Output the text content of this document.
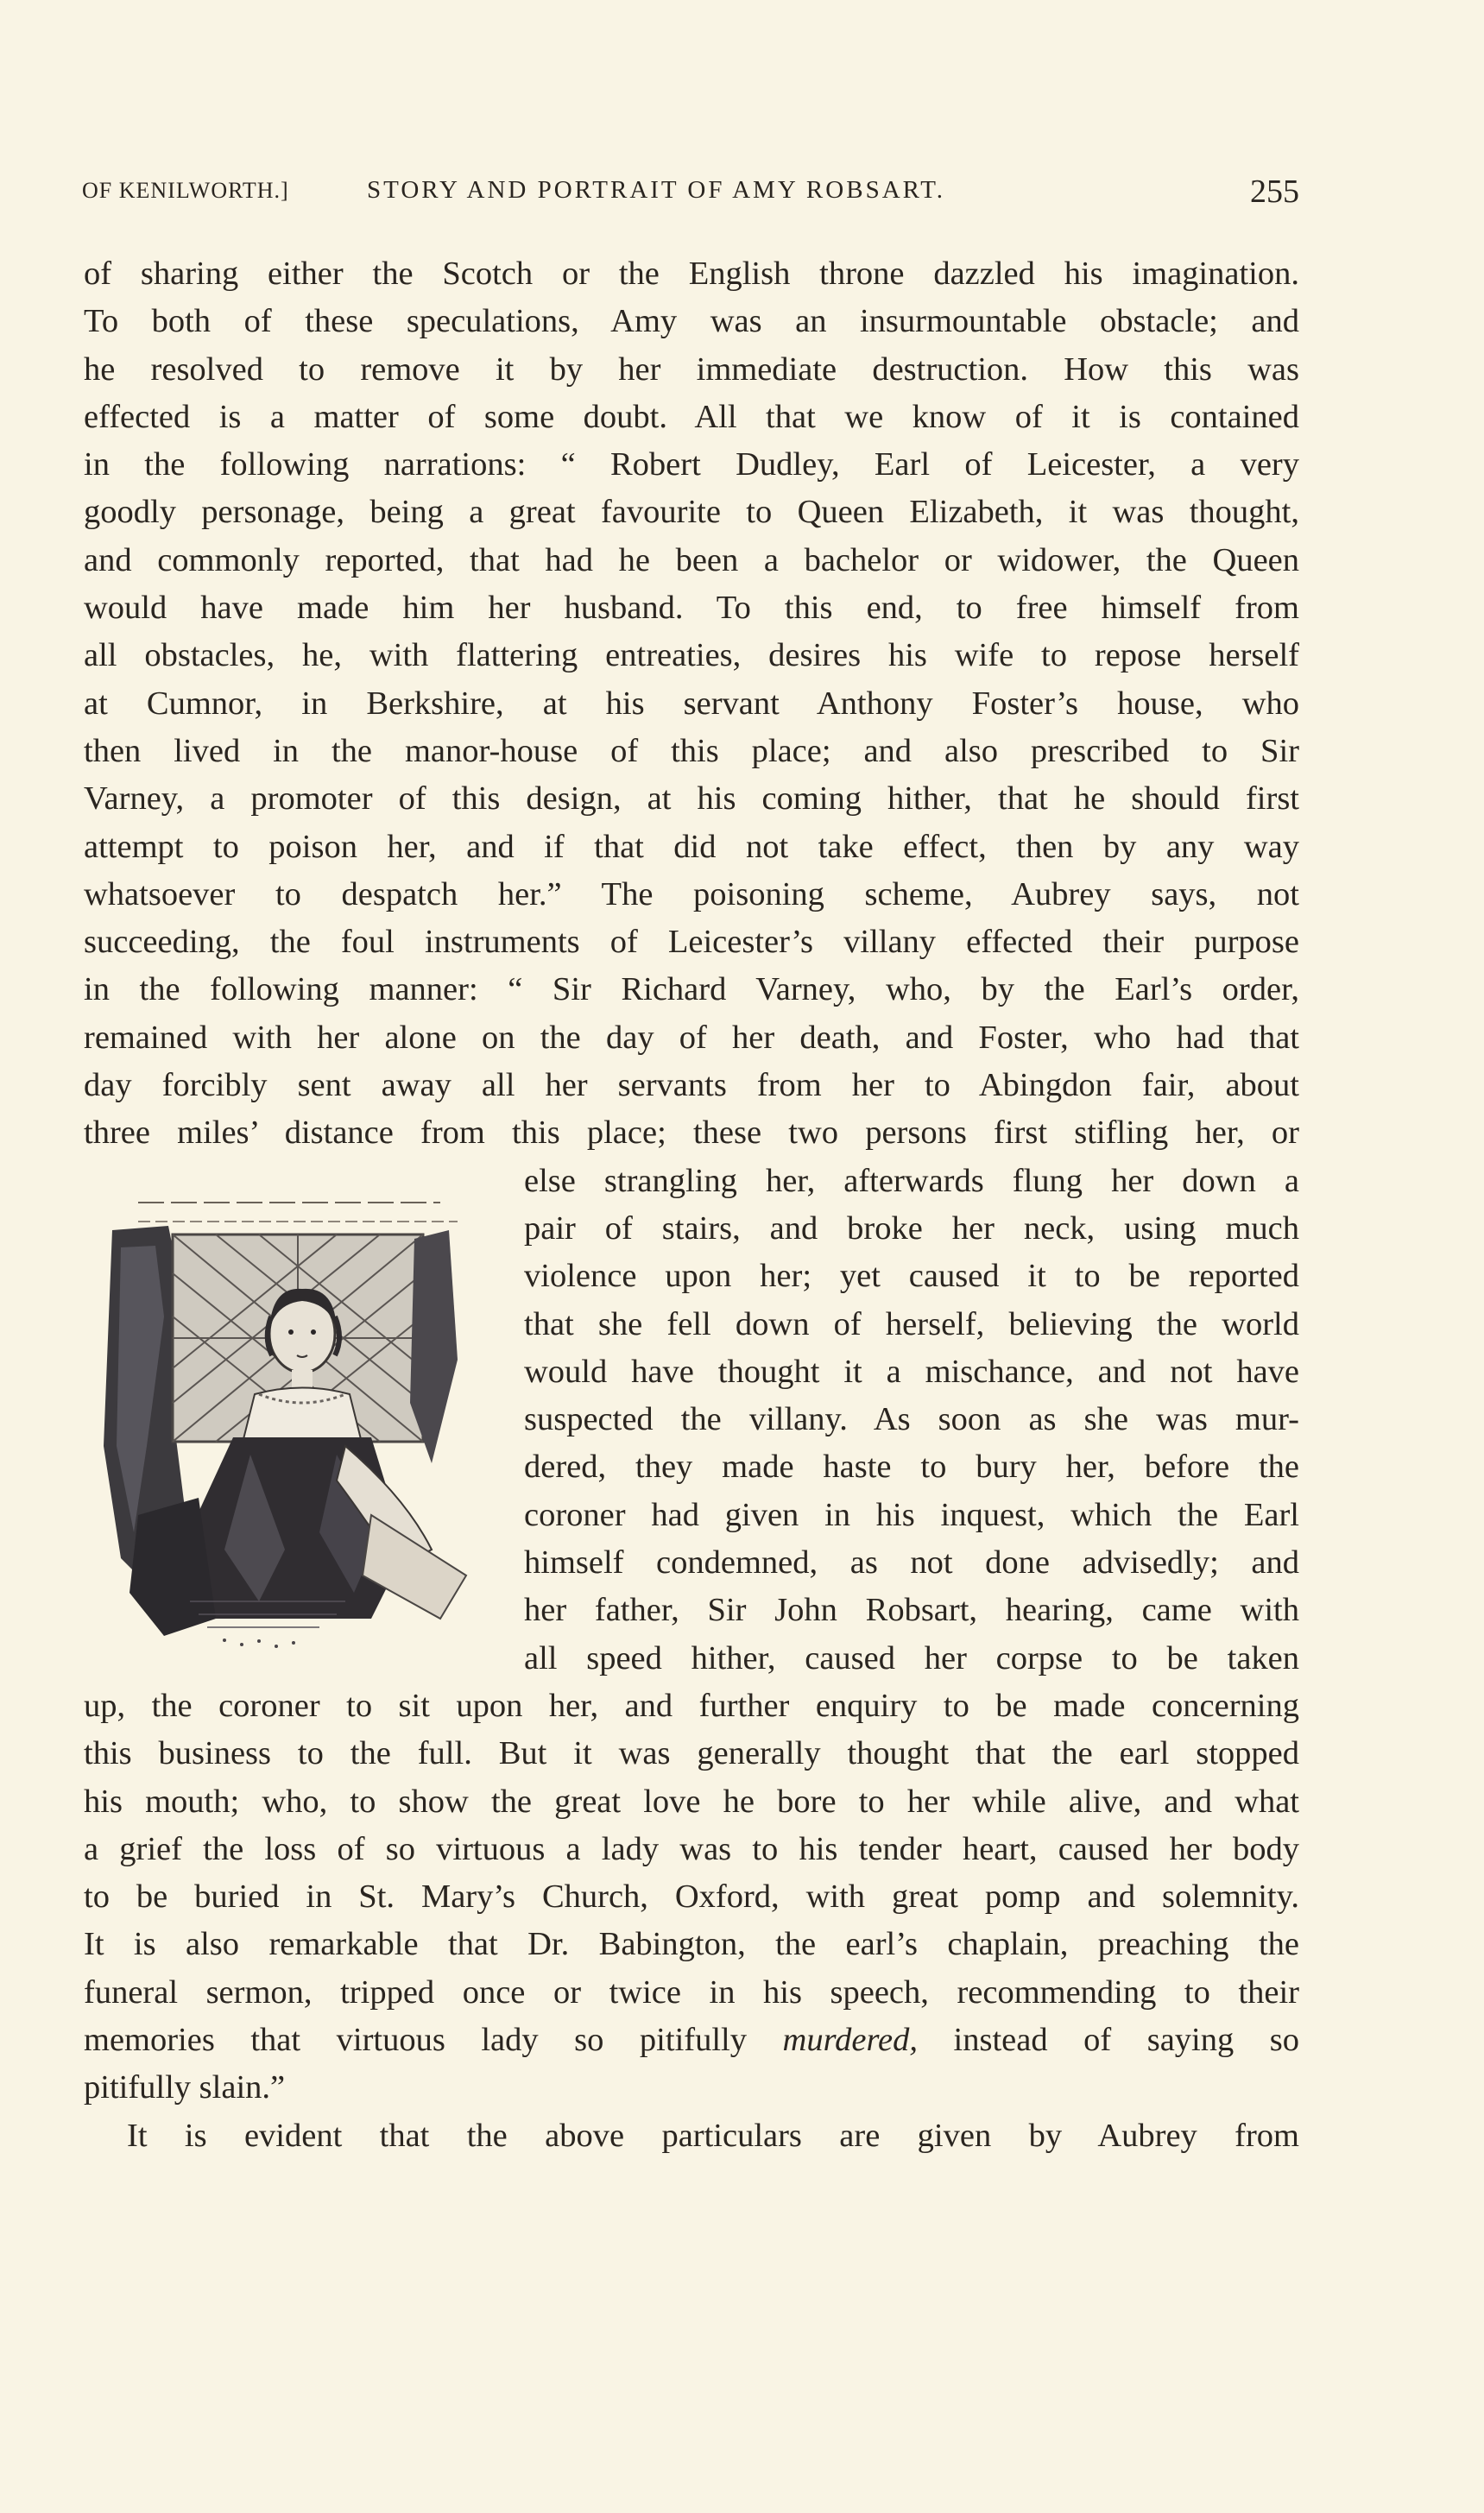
OF KENILWORTH.]	STORY AND PORTRAIT OF AMY ROBSART.	255
of sharing either the Scotch or the English throne dazzled his imagination.
To both of these speculations, Amy was an insurmountable obstacle; and
he resolved to remove it by her immediate destruction. How this was
effected is a matter of some doubt. All that we know of it is contained
in the following narrations: “ Robert Dudley, Earl of Leicester, a very
goodly personage, being a great favourite to Queen Elizabeth, it was thought,
and commonly reported, that had he been a bachelor or widower, the Queen
would have made him her husband. To this end, to free himself from
all obstacles, he, with flattering entreaties, desires his wife to repose herself
at Cumnor, in Berkshire, at his servant Anthony Foster’s house, who
then lived in the manor-house of this place; and also prescribed to Sir
Varney, a promoter of this design, at his coming hither, that he should first
attempt to poison her, and if that did not take effect, then by any way
whatsoever to despatch her.” The poisoning scheme, Aubrey says, not
succeeding, the foul instruments of Leicester’s villany effected their purpose
in the following manner: “ Sir Richard Varney, who, by the Earl’s order,
remained with her alone on the day of her death, and Foster, who had that
day forcibly sent away all her servants from her to Abingdon fair, about
three miles’ distance from this place; these two persons first stifling her, or
else strangling her, afterwards flung her down a
pair of stairs, and broke her neck, using much
violence upon her; yet caused it to be reported
that she fell down of herself, believing the world
would have thought it a mischance, and not have
suspected the villany. As soon as she was mur-
dered, they made haste to bury her, before the
coroner had given in his inquest, which the Earl
himself condemned, as not done advisedly; and
her father, Sir John Robsart, hearing, came with
all speed hither, caused her corpse to be taken
up, the coroner to sit upon her, and further enquiry to be made concerning
this business to the full. But it was generally thought that the earl stopped
his mouth; who, to show the great love he bore to her while alive, and what
a grief the loss of so virtuous a lady was to his tender heart, caused her body
to be buried in St. Mary’s Church, Oxford, with great pomp and solemnity.
It is also remarkable that Dr. Babington, the earl’s chaplain, preaching the
funeral sermon, tripped once or twice in his speech, recommending to their
memories that virtuous lady so pitifully murdered, instead of saying so
pitifully slain.”
It is evident that the above particulars are given by Aubrey from
